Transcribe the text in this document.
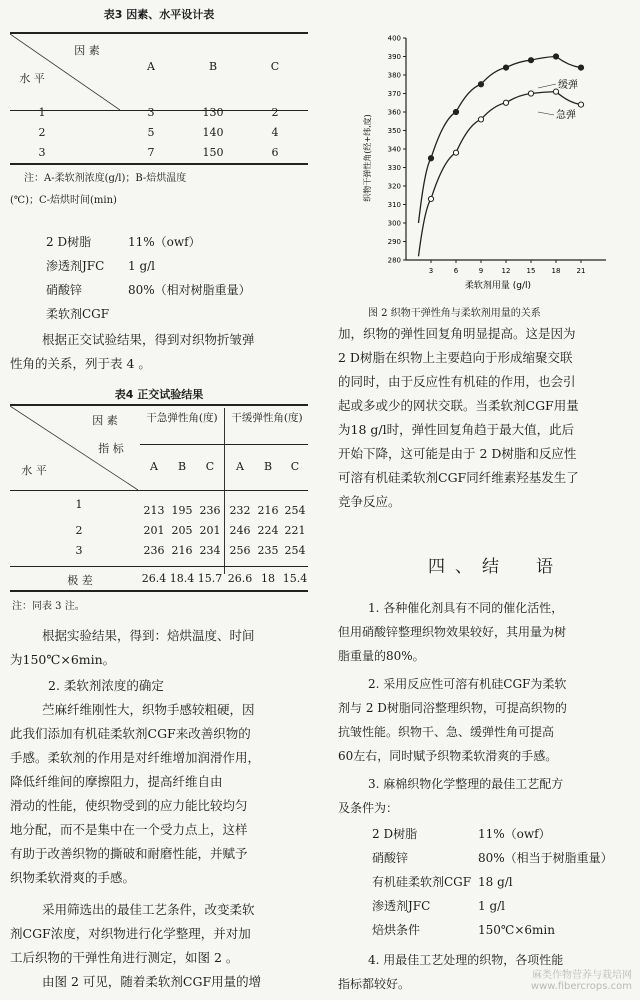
表3 因素、水平设计表
因 素
水 平
A	B	C
1	3	130	2
2	5	140	4
3	7	150	6
注：A-柔软剂浓度(g/l)；B-焙烘温度
(℃)；C-焙烘时间(min)
2 D树脂	11%（owf）
渗透剂JFC 1 g/l
硝酸锌	80%（相对树脂重量）
柔软剂CGF
根据正交试验结果，得到对织物折皱弹
性角的关系，列于表 4 。
表4 正交试验结果
因 素
指 标
水 平
干急弹性角(度)	干缓弹性角(度)
A	B	C	A	B	C
1	213 195 236 232 216 254
2	201 205 201 246 224 221
3	236 216 234 256 235 254
极 差	26.4 18.4 15.7 26.6 18 15.4
注：同表 3 注。
根据实验结果，得到：焙烘温度、时间
为150℃×6min。
2. 柔软剂浓度的确定
苎麻纤维刚性大，织物手感较粗硬，因
此我们添加有机硅柔软剂CGF来改善织物的
手感。柔软剂的作用是对纤维增加润滑作用，
降低纤维间的摩擦阻力，提高纤维自由
滑动的性能，使织物受到的应力能比较均匀
地分配，而不是集中在一个受力点上，这样
有助于改善织物的撕破和耐磨性能，并赋予
织物柔软滑爽的手感。
采用筛选出的最佳工艺条件，改变柔软
剂CGF浓度，对织物进行化学整理，并对加
工后织物的干弹性角进行测定，如图 2 。
由图 2 可见，随着柔软剂CGF用量的增
280
290
300
310
320
330
340
350
360
370
380
390
400
3	6	9	12 15 18 21
缓弹
急弹
柔软剂用量 (g/l)
织物干弹性角(经+纬,度)
图 2 织物干弹性角与柔软剂用量的关系
加，织物的弹性回复角明显提高。这是因为
2 D树脂在织物上主要趋向于形成缩聚交联
的同时，由于反应性有机硅的作用，也会引
起或多或少的网状交联。当柔软剂CGF用量
为18 g/l时，弹性回复角趋于最大值，此后
开始下降，这可能是由于 2 D树脂和反应性
可溶有机硅柔软剂CGF同纤维素羟基发生了
竞争反应。
四、结　语
1. 各种催化剂具有不同的催化活性，
但用硝酸锌整理织物效果较好，其用量为树
脂重量的80%。
2. 采用反应性可溶有机硅CGF为柔软
剂与 2 D树脂同浴整理织物，可提高织物的
抗皱性能。织物干、急、缓弹性角可提高
60左右，同时赋予织物柔软滑爽的手感。
3. 麻棉织物化学整理的最佳工艺配方
及条件为：
2 D树脂	11%（owf）
硝酸锌	80%（相当于树脂重量）
有机硅柔软剂CGF 18 g/l
渗透剂JFC	1 g/l
焙烘条件	150℃×6min
4. 用最佳工艺处理的织物，各项性能
指标都较好。
麻类作物营养与栽培网
www.fibercrops.com
